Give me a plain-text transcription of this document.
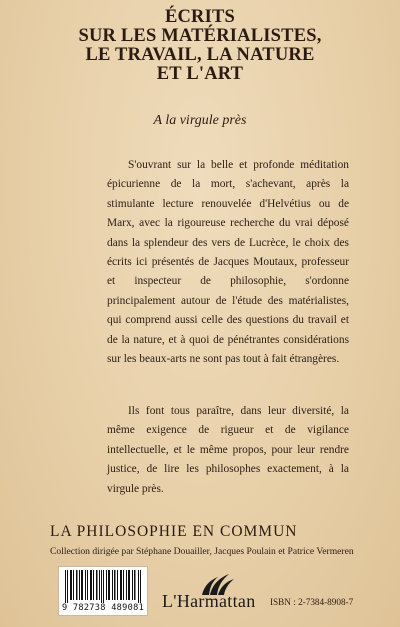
ÉCRITS
SUR LES MATÉRIALISTES,
LE TRAVAIL, LA NATURE
ET L'ART
A la virgule près

S'ouvrant sur la belle et profonde méditation épicurienne de la mort, s'achevant, après la stimulante lecture renouvelée d'Helvétius ou de Marx, avec la rigoureuse recherche du vrai déposé dans la splendeur des vers de Lucrèce, le choix des écrits ici présentés de Jacques Moutaux, professeur et inspecteur de philosophie, s'ordonne principalement autour de l'étude des matérialistes, qui comprend aussi celle des questions du travail et de la nature, et à quoi de pénétrantes considérations sur les beaux-arts ne sont pas tout à fait étrangères.

Ils font tous paraître, dans leur diversité, la même exigence de rigueur et de vigilance intellectuelle, et le même propos, pour leur rendre justice, de lire les philosophes exactement, à la virgule près.

LA PHILOSOPHIE EN COMMUN
Collection dirigée par Stéphane Douailler, Jacques Poulain et Patrice Vermeren
9 782738 489081 L'Harmattan ISBN : 2-7384-8908-7
